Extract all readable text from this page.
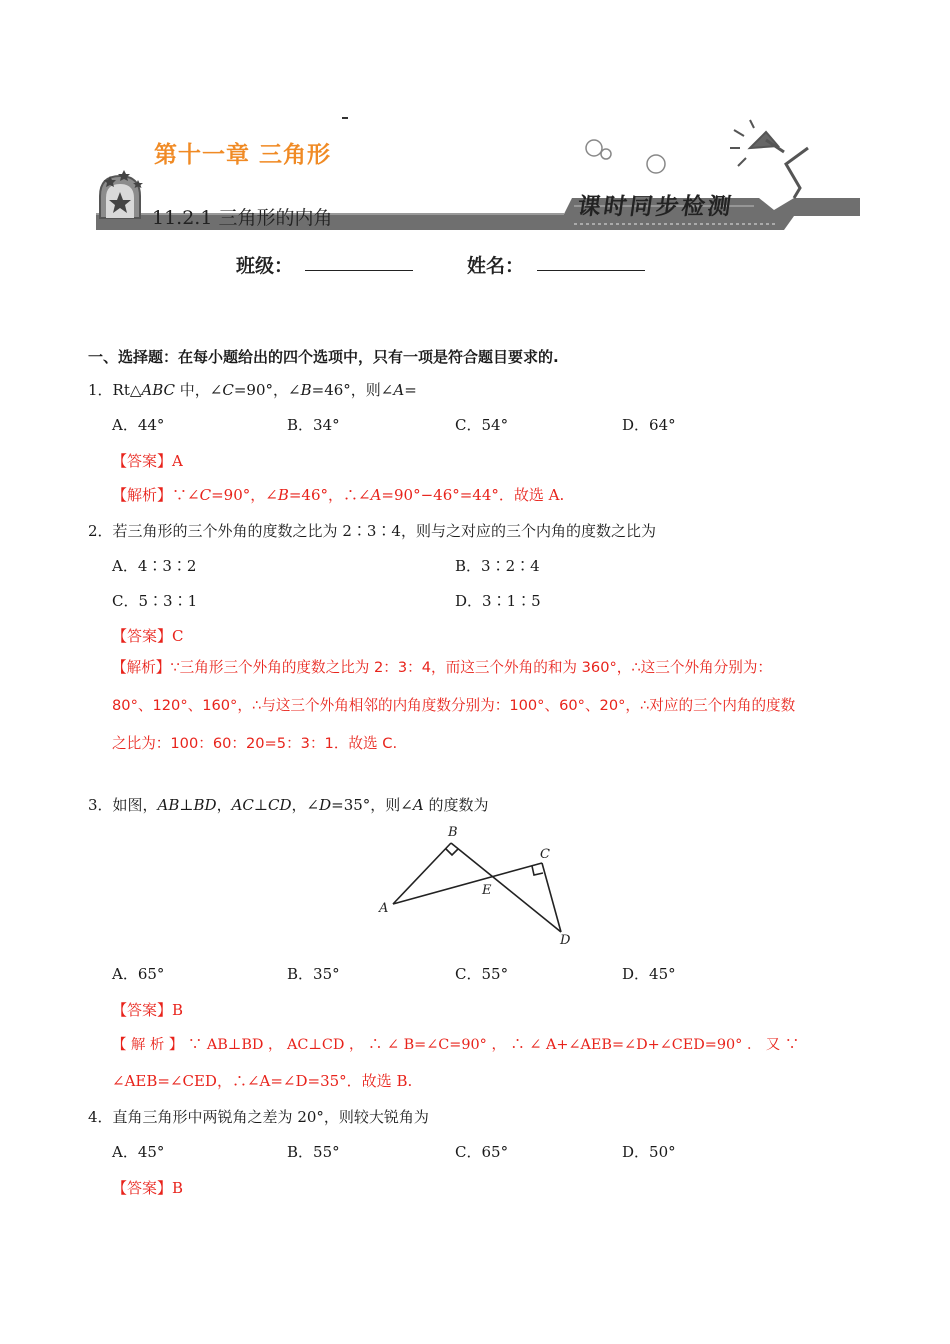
第十一章 三角形
11.2.1 三角形的内角	课时同步检测
班级：	姓名：
一、选择题：在每小题给出的四个选项中，只有一项是符合题目要求的.
1．Rt△ABC 中，∠C=90°，∠B=46°，则∠A=
A．44°	B．34°	C．54°	D．64°
【答案】A
【解析】∵∠C=90°，∠B=46°，∴∠A=90°−46°=44°．故选 A.
2．若三角形的三个外角的度数之比为 2∶3∶4，则与之对应的三个内角的度数之比为
A．4∶3∶2	B．3∶2∶4
C．5∶3∶1	D．3∶1∶5
【答案】C
【解析】∵三角形三个外角的度数之比为 2：3：4，而这三个外角的和为 360°，∴这三个外角分别为：
80°、120°、160°，∴与这三个外角相邻的内角度数分别为：100°、60°、20°，∴对应的三个内角的度数
之比为：100：60：20=5：3：1．故选 C.
3．如图，AB⊥BD，AC⊥CD，∠D=35°，则∠A 的度数为
A
B
C
D
E
A．65°	B．35°	C．55°	D．45°
【答案】B
【 解 析 】 ∵ AB⊥BD ， AC⊥CD ， ∴ ∠ B=∠C=90° ， ∴ ∠ A+∠AEB=∠D+∠CED=90° ． 又 ∵
∠AEB=∠CED，∴∠A=∠D=35°．故选 B.
4．直角三角形中两锐角之差为 20°，则较大锐角为
A．45°	B．55°	C．65°	D．50°
【答案】B
